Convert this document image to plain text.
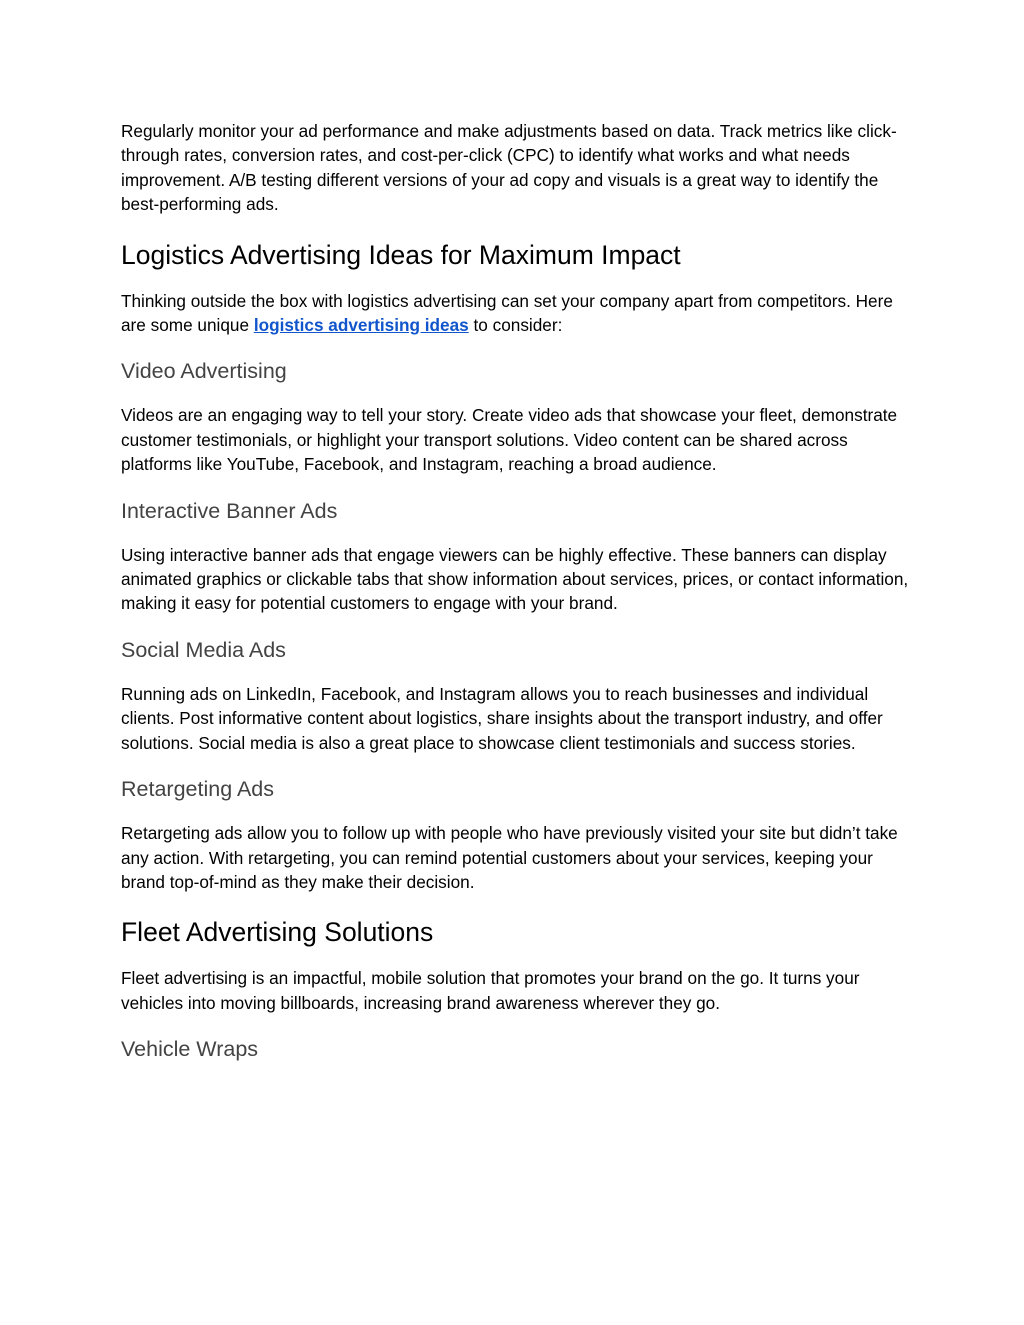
Regularly monitor your ad performance and make adjustments based on data. Track metrics like click-through rates, conversion rates, and cost-per-click (CPC) to identify what works and what needs improvement. A/B testing different versions of your ad copy and visuals is a great way to identify the best-performing ads.

Logistics Advertising Ideas for Maximum Impact

Thinking outside the box with logistics advertising can set your company apart from competitors. Here are some unique logistics advertising ideas to consider:

Video Advertising

Videos are an engaging way to tell your story. Create video ads that showcase your fleet, demonstrate customer testimonials, or highlight your transport solutions. Video content can be shared across platforms like YouTube, Facebook, and Instagram, reaching a broad audience.

Interactive Banner Ads

Using interactive banner ads that engage viewers can be highly effective. These banners can display animated graphics or clickable tabs that show information about services, prices, or contact information, making it easy for potential customers to engage with your brand.

Social Media Ads

Running ads on LinkedIn, Facebook, and Instagram allows you to reach businesses and individual clients. Post informative content about logistics, share insights about the transport industry, and offer solutions. Social media is also a great place to showcase client testimonials and success stories.

Retargeting Ads

Retargeting ads allow you to follow up with people who have previously visited your site but didn’t take any action. With retargeting, you can remind potential customers about your services, keeping your brand top-of-mind as they make their decision.

Fleet Advertising Solutions

Fleet advertising is an impactful, mobile solution that promotes your brand on the go. It turns your vehicles into moving billboards, increasing brand awareness wherever they go.

Vehicle Wraps
